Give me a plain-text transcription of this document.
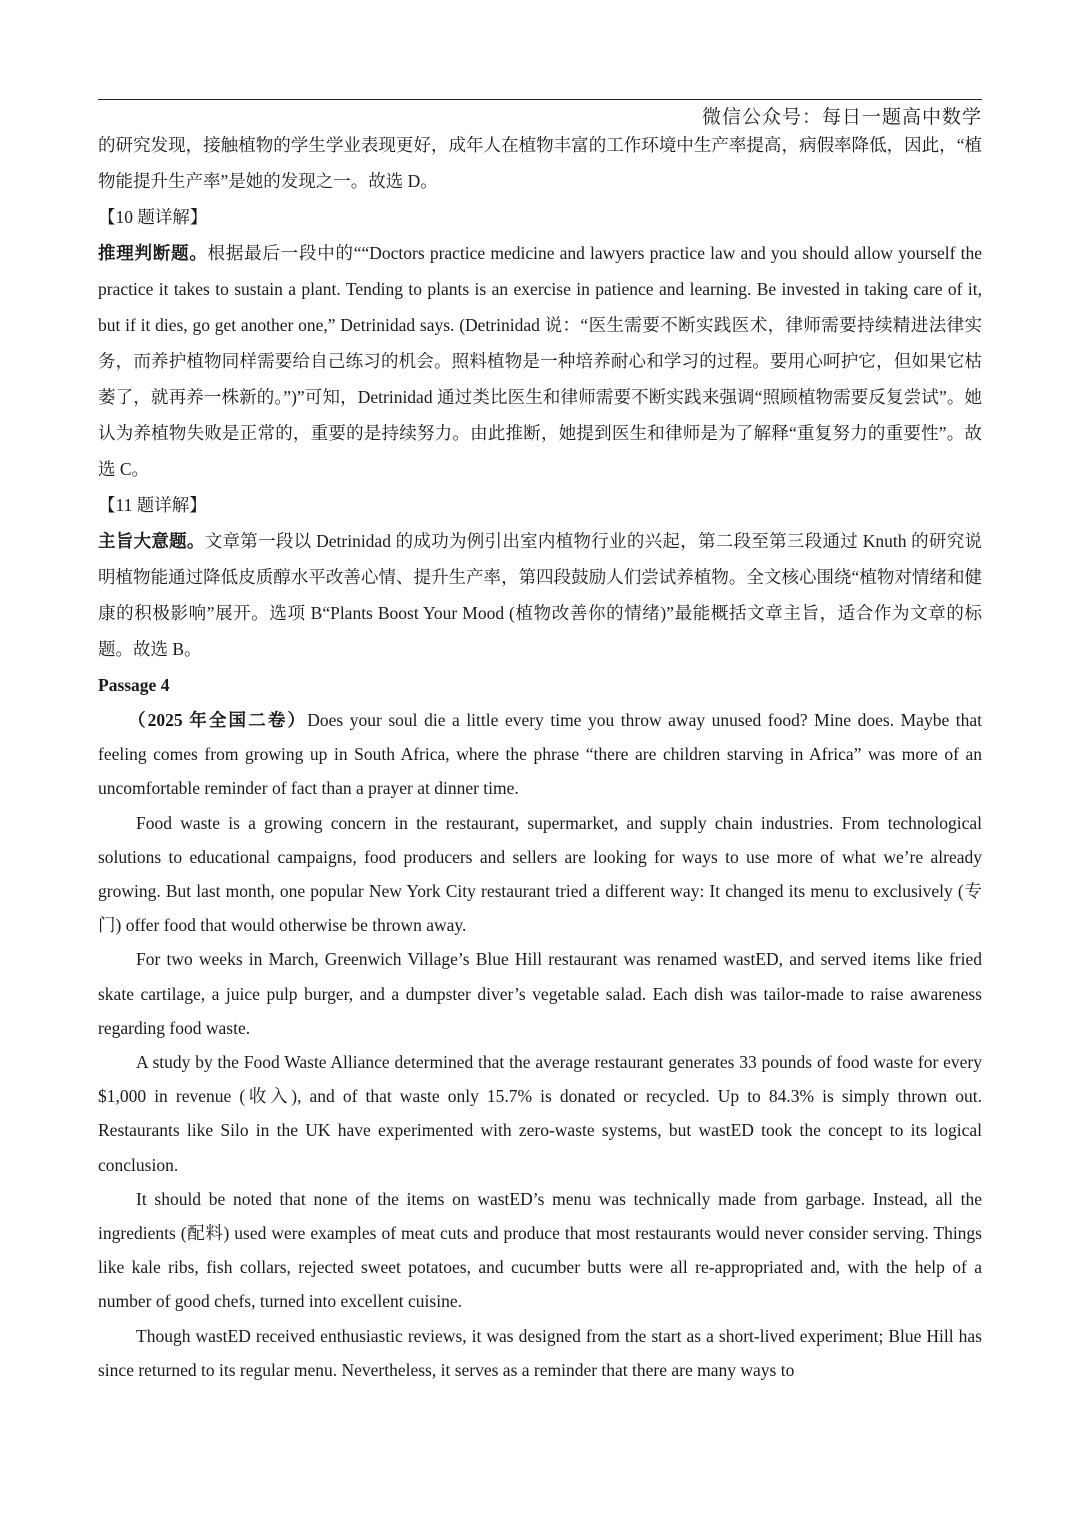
微信公众号：每日一题高中数学

的研究发现，接触植物的学生学业表现更好，成年人在植物丰富的工作环境中生产率提高，病假率降低，因此，“植物能提升生产率”是她的发现之一。故选 D。

【10 题详解】

推理判断题。根据最后一段中的““Doctors practice medicine and lawyers practice law and you should allow yourself the practice it takes to sustain a plant. Tending to plants is an exercise in patience and learning. Be invested in taking care of it, but if it dies, go get another one,” Detrinidad says. (Detrinidad 说：“医生需要不断实践医术，律师需要持续精进法律实务，而养护植物同样需要给自己练习的机会。照料植物是一种培养耐心和学习的过程。要用心呵护它，但如果它枯萎了，就再养一株新的。”)”可知，Detrinidad 通过类比医生和律师需要不断实践来强调“照顾植物需要反复尝试”。她认为养植物失败是正常的，重要的是持续努力。由此推断，她提到医生和律师是为了解释“重复努力的重要性”。故选 C。

【11 题详解】

主旨大意题。文章第一段以 Detrinidad 的成功为例引出室内植物行业的兴起，第二段至第三段通过 Knuth 的研究说明植物能通过降低皮质醇水平改善心情、提升生产率，第四段鼓励人们尝试养植物。全文核心围绕“植物对情绪和健康的积极影响”展开。选项 B“Plants Boost Your Mood (植物改善你的情绪)”最能概括文章主旨，适合作为文章的标题。故选 B。

Passage 4

（2025 年全国二卷）Does your soul die a little every time you throw away unused food? Mine does. Maybe that feeling comes from growing up in South Africa, where the phrase “there are children starving in Africa” was more of an uncomfortable reminder of fact than a prayer at dinner time.

Food waste is a growing concern in the restaurant, supermarket, and supply chain industries. From technological solutions to educational campaigns, food producers and sellers are looking for ways to use more of what we’re already growing. But last month, one popular New York City restaurant tried a different way: It changed its menu to exclusively (专门) offer food that would otherwise be thrown away.

For two weeks in March, Greenwich Village’s Blue Hill restaurant was renamed wastED, and served items like fried skate cartilage, a juice pulp burger, and a dumpster diver’s vegetable salad. Each dish was tailor-made to raise awareness regarding food waste.

A study by the Food Waste Alliance determined that the average restaurant generates 33 pounds of food waste for every $1,000 in revenue (收入), and of that waste only 15.7% is donated or recycled. Up to 84.3% is simply thrown out. Restaurants like Silo in the UK have experimented with zero-waste systems, but wastED took the concept to its logical conclusion.

It should be noted that none of the items on wastED’s menu was technically made from garbage. Instead, all the ingredients (配料) used were examples of meat cuts and produce that most restaurants would never consider serving. Things like kale ribs, fish collars, rejected sweet potatoes, and cucumber butts were all re-appropriated and, with the help of a number of good chefs, turned into excellent cuisine.

Though wastED received enthusiastic reviews, it was designed from the start as a short-lived experiment; Blue Hill has since returned to its regular menu. Nevertheless, it serves as a reminder that there are many ways to
